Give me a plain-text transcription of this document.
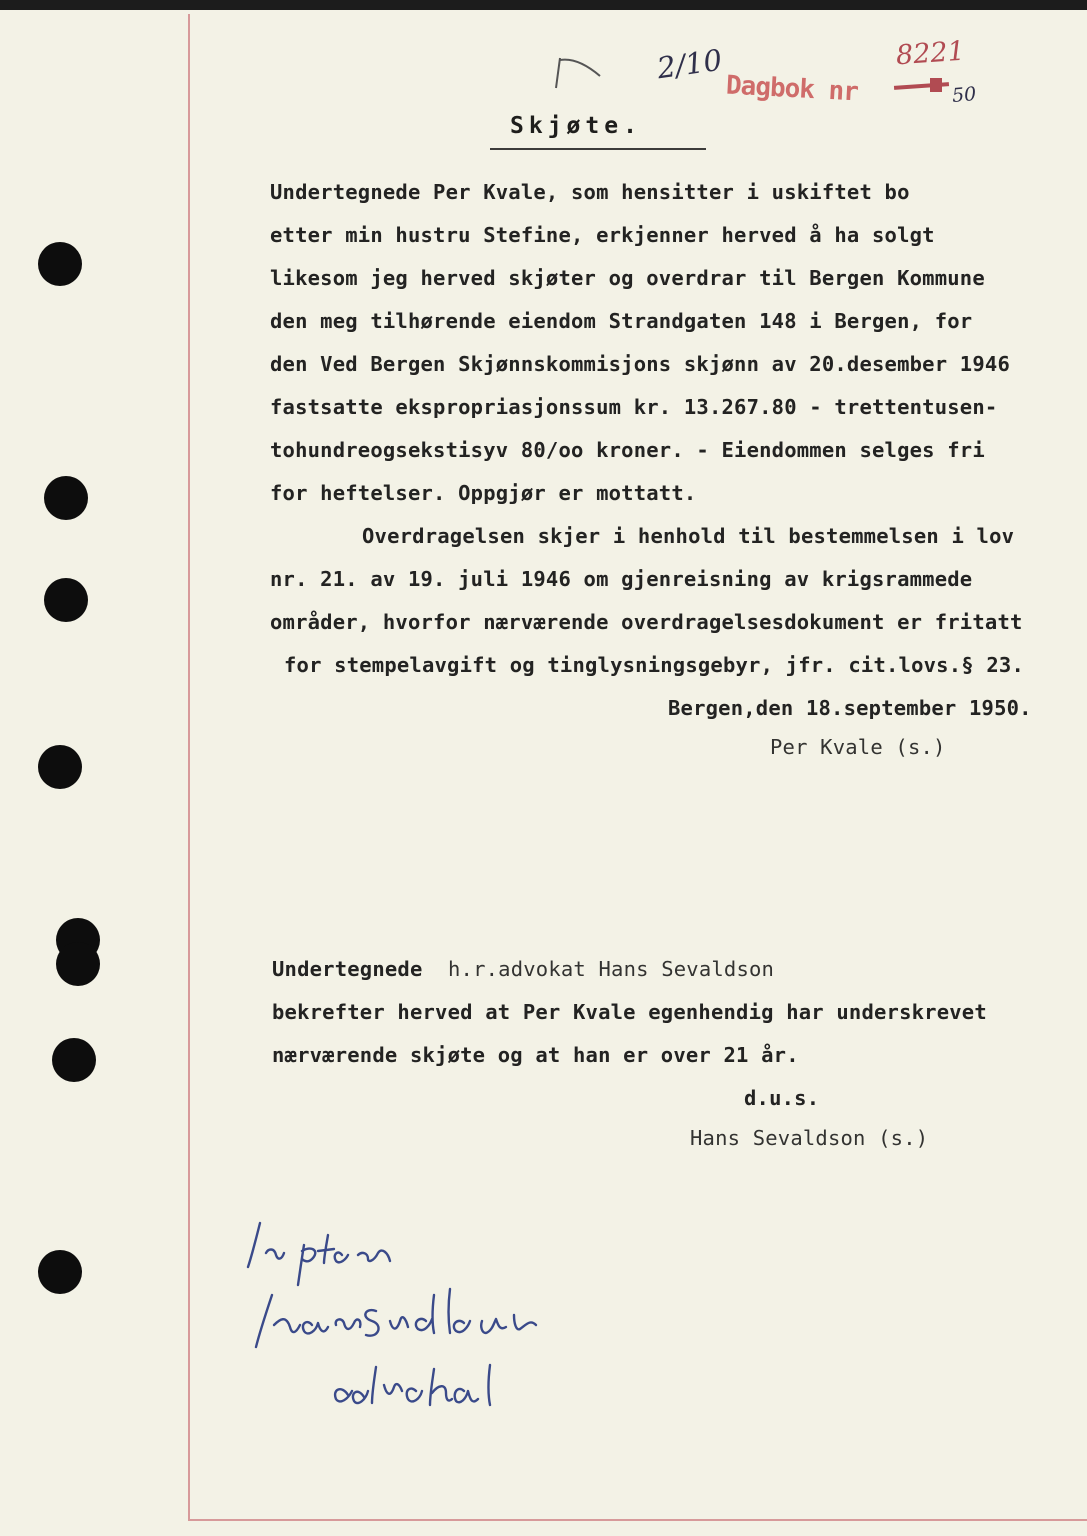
2/10
Dagbok nr
8221
50
Skjøte.
Undertegnede Per Kvale, som hensitter i uskiftet bo
etter min hustru Stefine, erkjenner herved å ha solgt
likesom jeg herved skjøter og overdrar til Bergen Kommune
den meg tilhørende eiendom Strandgaten 148 i Bergen, for
den Ved Bergen Skjønnskommisjons skjønn av 20.desember 1946
fastsatte ekspropriasjonssum kr. 13.267.80 - trettentusen-
tohundreogsekstisyv 80/oo kroner. - Eiendommen selges fri
for heftelser. Oppgjør er mottatt.
Overdragelsen skjer i henhold til bestemmelsen i lov
nr. 21. av 19. juli 1946 om gjenreisning av krigsrammede
områder, hvorfor nærværende overdragelsesdokument er fritatt
for stempelavgift og tinglysningsgebyr, jfr. cit.lovs.§ 23.
Bergen,den 18.september 1950.
Per Kvale (s.)
Undertegnede h.r.advokat Hans Sevaldson
bekrefter herved at Per Kvale egenhendig har underskrevet
nærværende skjøte og at han er over 21 år.
d.u.s.
Hans Sevaldson (s.)
